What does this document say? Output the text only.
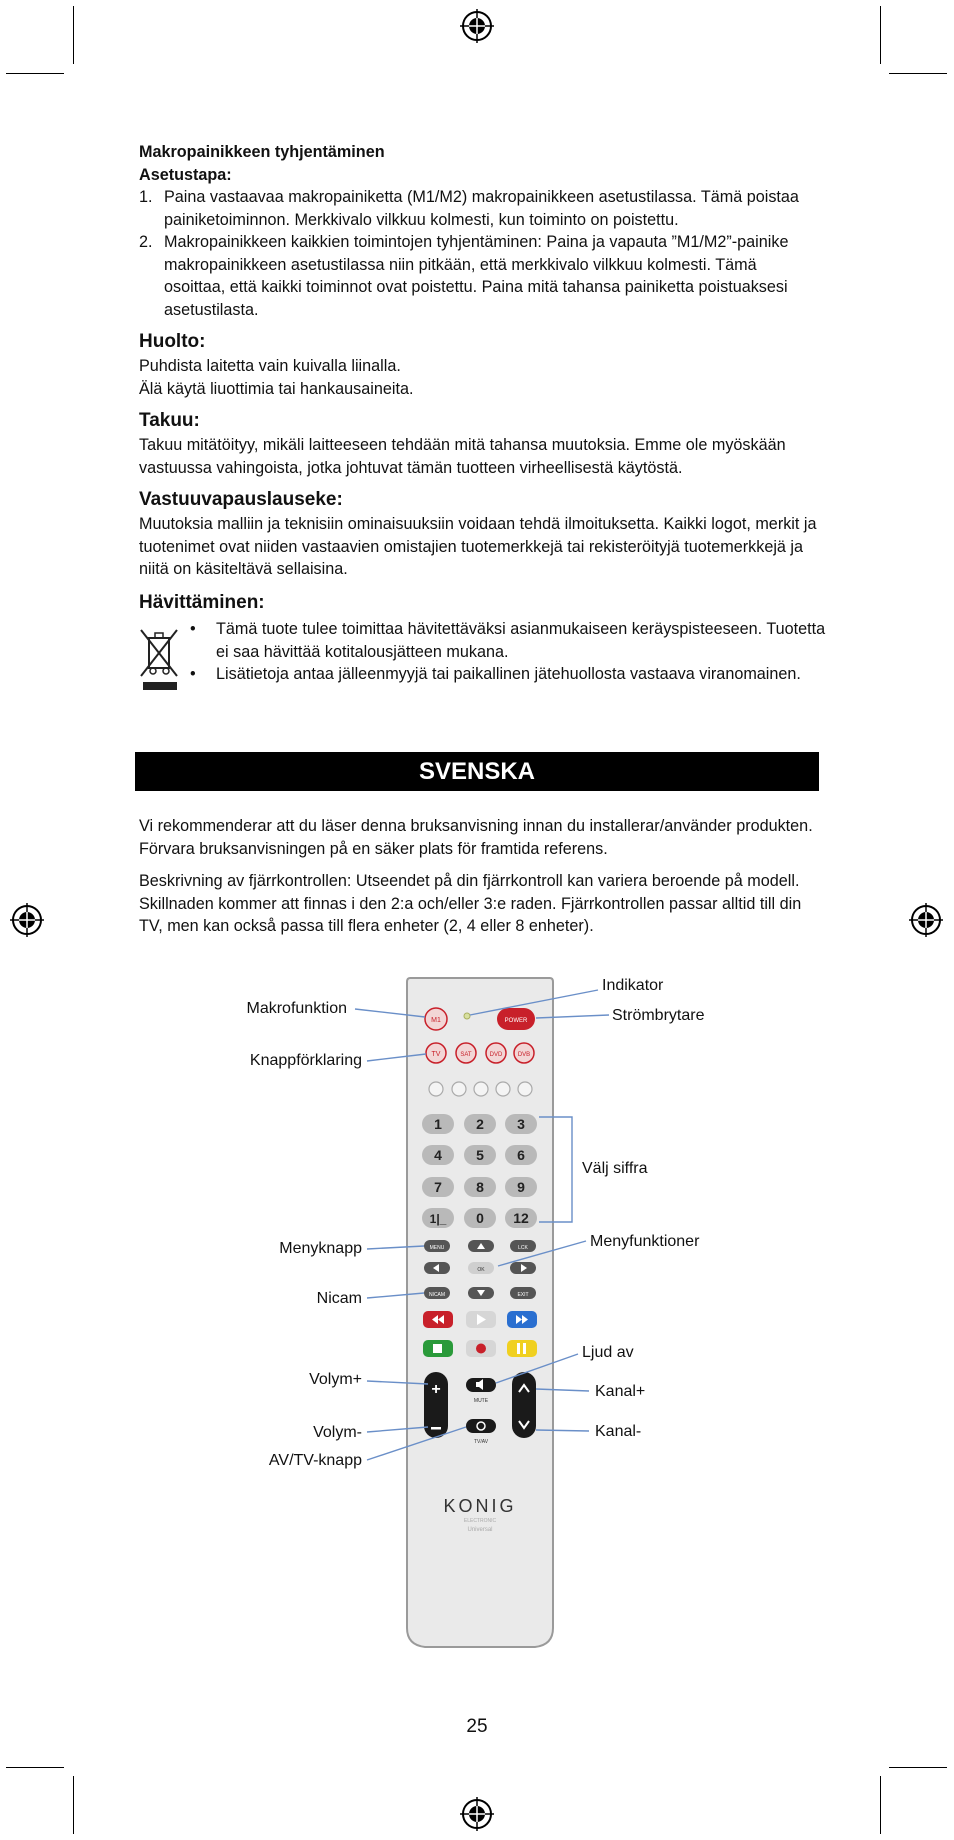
Makropainikkeen tyhjentäminen

Asetustapa:

1. Paina vastaavaa makropainiketta (M1/M2) makropainikkeen asetustilassa. Tämä poistaa painiketoiminnon. Merkkivalo vilkkuu kolmesti, kun toiminto on poistettu.
2. Makropainikkeen kaikkien toimintojen tyhjentäminen: Paina ja vapauta ”M1/M2”-painike makropainikkeen asetustilassa niin pitkään, että merkkivalo vilkkuu kolmesti. Tämä osoittaa, että kaikki toiminnot ovat poistettu. Paina mitä tahansa painiketta poistuaksesi asetustilasta.
Huolto:

Puhdista laitetta vain kuivalla liinalla.

Älä käytä liuottimia tai hankausaineita.

Takuu:

Takuu mitätöityy, mikäli laitteeseen tehdään mitä tahansa muutoksia. Emme ole myöskään vastuussa vahingoista, jotka johtuvat tämän tuotteen virheellisestä käytöstä.

Vastuuvapauslauseke:

Muutoksia malliin ja teknisiin ominaisuuksiin voidaan tehdä ilmoituksetta. Kaikki logot, merkit ja tuotenimet ovat niiden vastaavien omistajien tuotemerkkejä tai rekisteröityjä tuotemerkkejä ja niitä on käsiteltävä sellaisina.

Hävittäminen:
• Tämä tuote tulee toimittaa hävitettäväksi asianmukaiseen keräyspisteeseen. Tuotetta ei saa hävittää kotitalousjätteen mukana.
• Lisätietoja antaa jälleenmyyjä tai paikallinen jätehuollosta vastaava viranomainen.
SVENSKA

Vi rekommenderar att du läser denna bruksanvisning innan du installerar/använder produkten.

Förvara bruksanvisningen på en säker plats för framtida referens.

Beskrivning av fjärrkontrollen: Utseendet på din fjärrkontroll kan variera beroende på modell. Skillnaden kommer att finnas i den 2:a och/eller 3:e raden. Fjärrkontrollen passar alltid till din TV, men kan också passa till flera enheter (2, 4 eller 8 enheter).

M1	POWER
TV	SAT	DVD	DVB
1 2 3
4 5 6
7 8 9
1|_ 0 12
MENU	LCK
OK
NICAM	EXIT
+
MUTE
TV/AV
KONIG
ELECTRONIC
Universal
Indikator
Makrofunktion	Strömbrytare
Knappförklaring
Välj siffra
Menyknapp	Menyfunktioner
Nicam
Ljud av
Volym+
Kanal+
Volym-	Kanal-
AV/TV-knapp
25
